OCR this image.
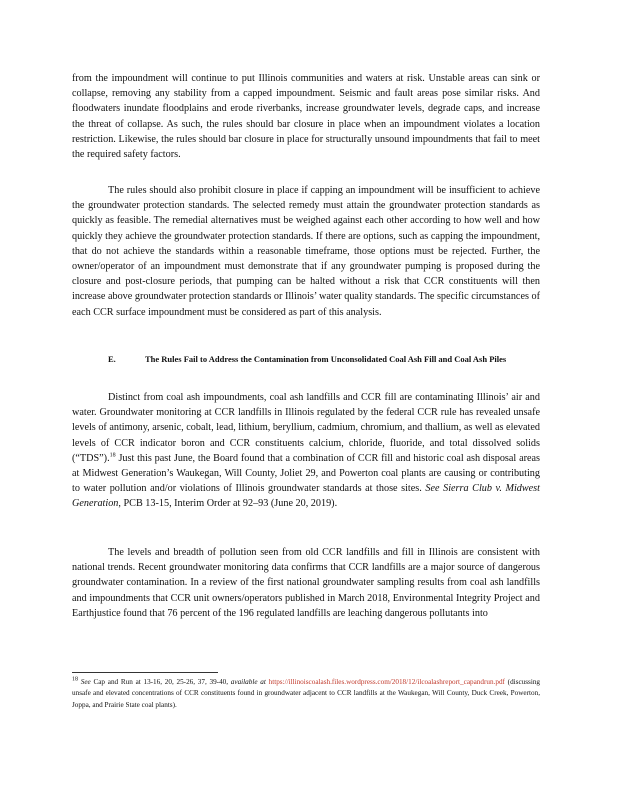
from the impoundment will continue to put Illinois communities and waters at risk. Unstable areas can sink or collapse, removing any stability from a capped impoundment. Seismic and fault areas pose similar risks. And floodwaters inundate floodplains and erode riverbanks, increase groundwater levels, degrade caps, and increase the threat of collapse. As such, the rules should bar closure in place when an impoundment violates a location restriction. Likewise, the rules should bar closure in place for structurally unsound impoundments that fail to meet the required safety factors.

The rules should also prohibit closure in place if capping an impoundment will be insufficient to achieve the groundwater protection standards. The selected remedy must attain the groundwater protection standards as quickly as feasible. The remedial alternatives must be weighed against each other according to how well and how quickly they achieve the groundwater protection standards. If there are options, such as capping the impoundment, that do not achieve the standards within a reasonable timeframe, those options must be rejected. Further, the owner/operator of an impoundment must demonstrate that if any groundwater pumping is proposed during the closure and post-closure periods, that pumping can be halted without a risk that CCR constituents will then increase above groundwater protection standards or Illinois’ water quality standards. The specific circumstances of each CCR surface impoundment must be considered as part of this analysis.

E.	The Rules Fail to Address the Contamination from Unconsolidated Coal Ash Fill and Coal Ash Piles

Distinct from coal ash impoundments, coal ash landfills and CCR fill are contaminating Illinois’ air and water. Groundwater monitoring at CCR landfills in Illinois regulated by the federal CCR rule has revealed unsafe levels of antimony, arsenic, cobalt, lead, lithium, beryllium, cadmium, chromium, and thallium, as well as elevated levels of CCR indicator boron and CCR constituents calcium, chloride, fluoride, and total dissolved solids (“TDS”).$^{18}$ Just this past June, the Board found that a combination of CCR fill and historic coal ash disposal areas at Midwest Generation’s Waukegan, Will County, Joliet 29, and Powerton coal plants are causing or contributing to water pollution and/or violations of Illinois groundwater standards at those sites. See Sierra Club v. Midwest Generation, PCB 13-15, Interim Order at 92–93 (June 20, 2019).

The levels and breadth of pollution seen from old CCR landfills and fill in Illinois are consistent with national trends. Recent groundwater monitoring data confirms that CCR landfills are a major source of dangerous groundwater contamination. In a review of the first national groundwater sampling results from coal ash landfills and impoundments that CCR unit owners/operators published in March 2018, Environmental Integrity Project and Earthjustice found that 76 percent of the 196 regulated landfills are leaching dangerous pollutants into

$^{18}$ See Cap and Run at 13-16, 20, 25-26, 37, 39-40, available at https://illinoiscoalash.files.wordpress.com/2018/12/ilcoalashreport_capandrun.pdf (discussing unsafe and elevated concentrations of CCR constituents found in groundwater adjacent to CCR landfills at the Waukegan, Will County, Duck Creek, Powerton, Joppa, and Prairie State coal plants).
